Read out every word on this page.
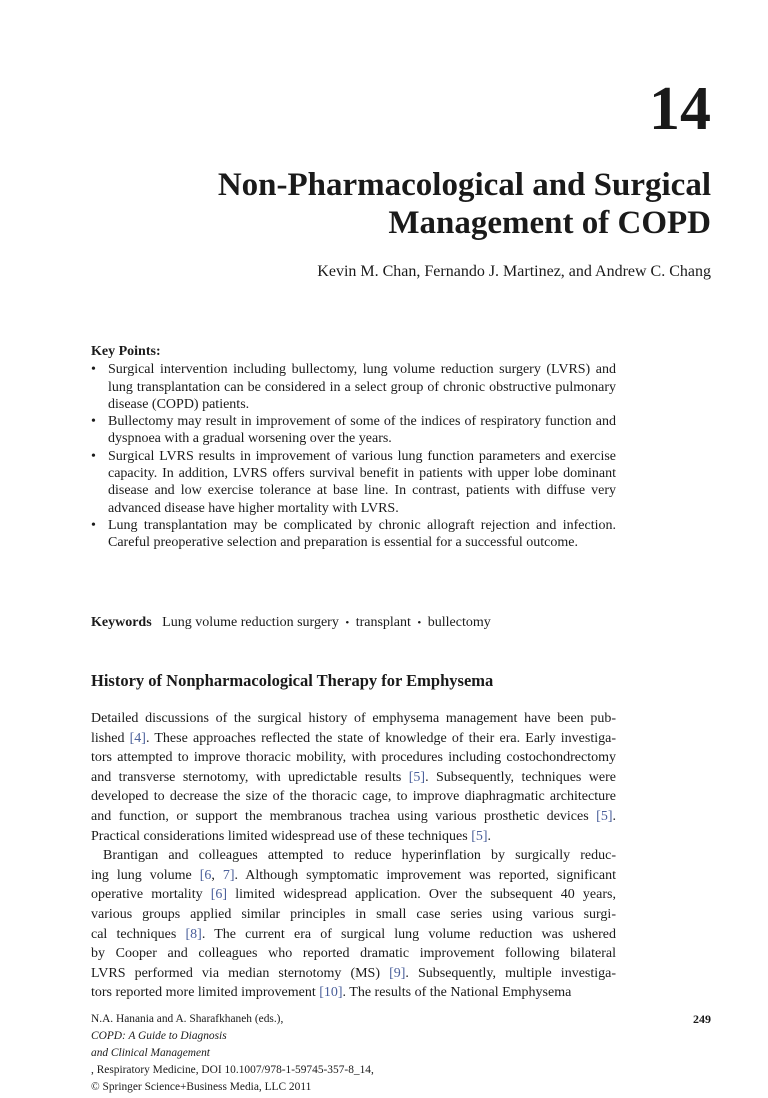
14
Non-Pharmacological and Surgical
Management of COPD
Kevin M. Chan, Fernando J. Martinez, and Andrew C. Chang
Key Points:
• Surgical intervention including bullectomy, lung volume reduction surgery (LVRS) and lung transplantation can be considered in a select group of chronic obstructive pulmonary disease (COPD) patients.
• Bullectomy may result in improvement of some of the indices of respiratory function and dyspnoea with a gradual worsening over the years.
• Surgical LVRS results in improvement of various lung function parameters and exercise capacity. In addition, LVRS offers survival benefit in patients with upper lobe dominant disease and low exercise tolerance at base line. In contrast, patients with diffuse very advanced disease have higher mortality with LVRS.
• Lung transplantation may be complicated by chronic allograft rejection and infection. Careful preoperative selection and preparation is essential for a successful outcome.
Keywords Lung volume reduction surgery • transplant • bullectomy
History of Nonpharmacological Therapy for Emphysema
Detailed discussions of the surgical history of emphysema management have been pub-
lished [4]. These approaches reflected the state of knowledge of their era. Early investiga-
tors attempted to improve thoracic mobility, with procedures including costochondrectomy
and transverse sternotomy, with upredictable results [5]. Subsequently, techniques were
developed to decrease the size of the thoracic cage, to improve diaphragmatic architecture
and function, or support the membranous trachea using various prosthetic devices [5].
Practical considerations limited widespread use of these techniques [5].
Brantigan and colleagues attempted to reduce hyperinflation by surgically reduc-
ing lung volume [6, 7]. Although symptomatic improvement was reported, significant
operative mortality [6] limited widespread application. Over the subsequent 40 years,
various groups applied similar principles in small case series using various surgi-
cal techniques [8]. The current era of surgical lung volume reduction was ushered
by Cooper and colleagues who reported dramatic improvement following bilateral
LVRS performed via median sternotomy (MS) [9]. Subsequently, multiple investiga-
tors reported more limited improvement [10]. The results of the National Emphysema
N.A. Hanania and A. Sharafkhaneh (eds.),
COPD: A Guide to Diagnosis
and Clinical Management
, Respiratory Medicine, DOI 10.1007/978-1-59745-357-8_14,
© Springer Science+Business Media, LLC 2011
249
